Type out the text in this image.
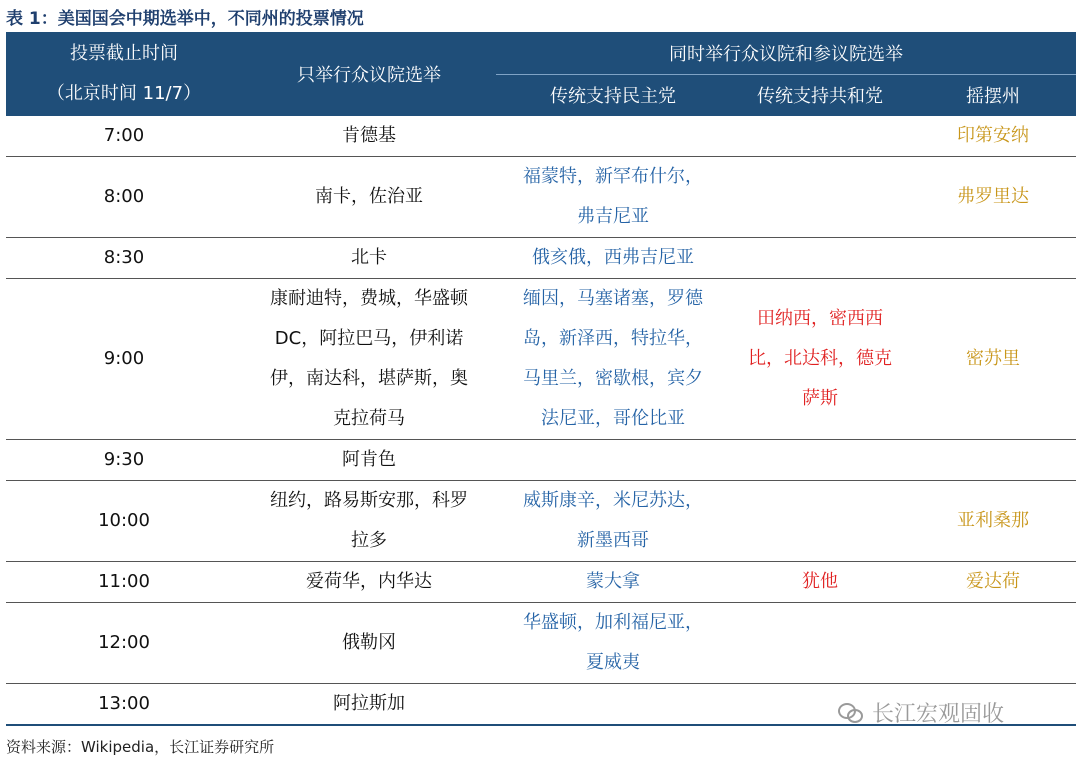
表 1：美国国会中期选举中，不同州的投票情况
投票截止时间
（北京时间 11/7）	只举行众议院选举	同时举行众议院和参议院选举		
		传统支持民主党	传统支持共和党	摇摆州
7:00	肯德基			印第安纳

8:00	南卡，佐治亚	福蒙特，新罕布什尔，
弗吉尼亚		弗罗里达

8:30	北卡	俄亥俄，西弗吉尼亚		

9:00	康耐迪特，费城，华盛顿
DC，阿拉巴马，伊利诺
伊，南达科，堪萨斯，奥
克拉荷马	缅因，马塞诸塞，罗德
岛，新泽西，特拉华，
马里兰，密歇根，宾夕
法尼亚，哥伦比亚	田纳西，密西西
比，北达科，德克
萨斯	密苏里

9:30	阿肯色			

10:00	纽约，路易斯安那，科罗
拉多	威斯康辛，米尼苏达，
新墨西哥		亚利桑那

11:00	爱荷华，内华达	蒙大拿	犹他	爱达荷

12:00	俄勒冈	华盛顿，加利福尼亚，
夏威夷		

13:00	阿拉斯加			

		长江宏观固收
资料来源：Wikipedia，长江证券研究所
